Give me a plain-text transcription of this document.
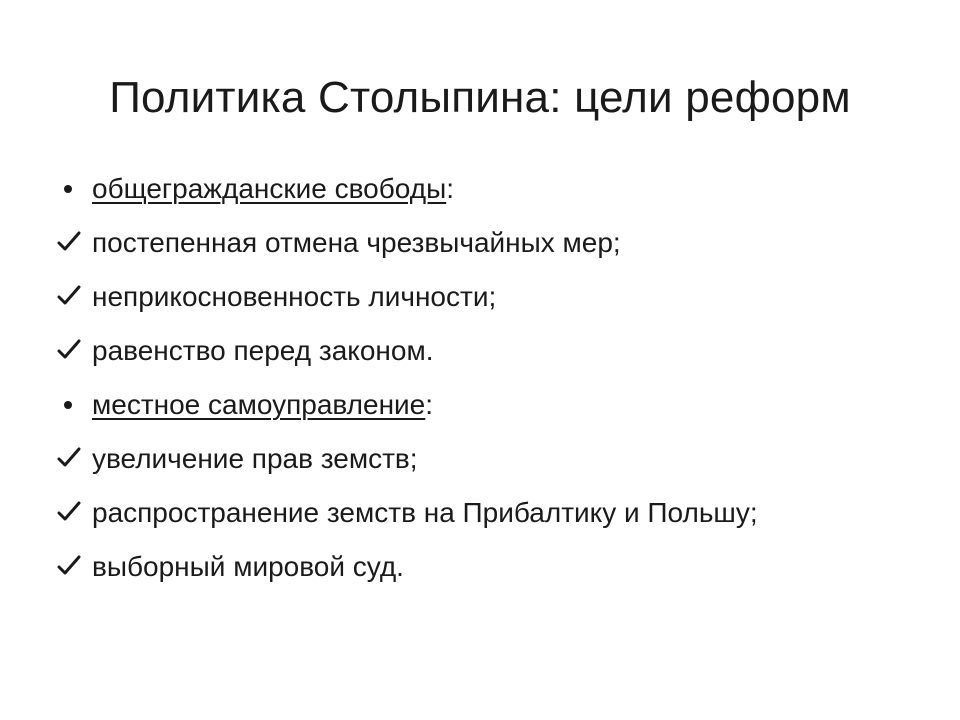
Политика Столыпина: цели реформ
общегражданские свободы:
постепенная отмена чрезвычайных мер;
неприкосновенность личности;
равенство перед законом.
местное самоуправление:
увеличение прав земств;
распространение земств на Прибалтику и Польшу;
выборный мировой суд.
